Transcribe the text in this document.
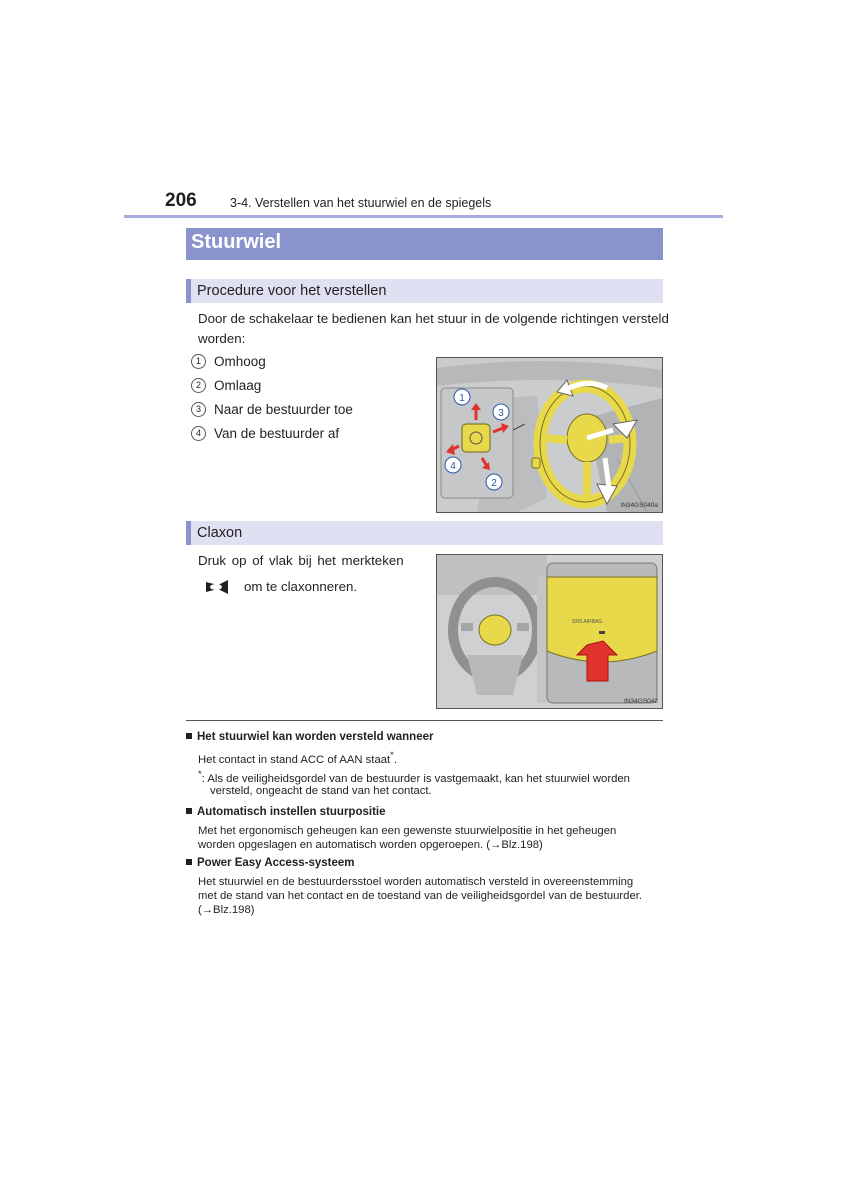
206	3-4. Verstellen van het stuurwiel en de spiegels
Stuurwiel
Procedure voor het verstellen
Door de schakelaar te bedienen kan het stuur in de volgende richtingen versteld
worden:
1 Omhoog
2 Omlaag
3 Naar de bestuurder toe
4 Van de bestuurder af
1
2
3
4
IN34GS040a
Claxon
Druk op of vlak bij het merkteken
om te claxonneren.
SRS AIRBAG
IN34GS042
Het stuurwiel kan worden versteld wanneer
Het contact in stand ACC of AAN staat*.
*: Als de veiligheidsgordel van de bestuurder is vastgemaakt, kan het stuurwiel worden
versteld, ongeacht de stand van het contact.
Automatisch instellen stuurpositie
Met het ergonomisch geheugen kan een gewenste stuurwielpositie in het geheugen
worden opgeslagen en automatisch worden opgeroepen. (→Blz.198)
Power Easy Access-systeem
Het stuurwiel en de bestuurdersstoel worden automatisch versteld in overeenstemming
met de stand van het contact en de toestand van de veiligheidsgordel van de bestuurder.
(→Blz.198)
